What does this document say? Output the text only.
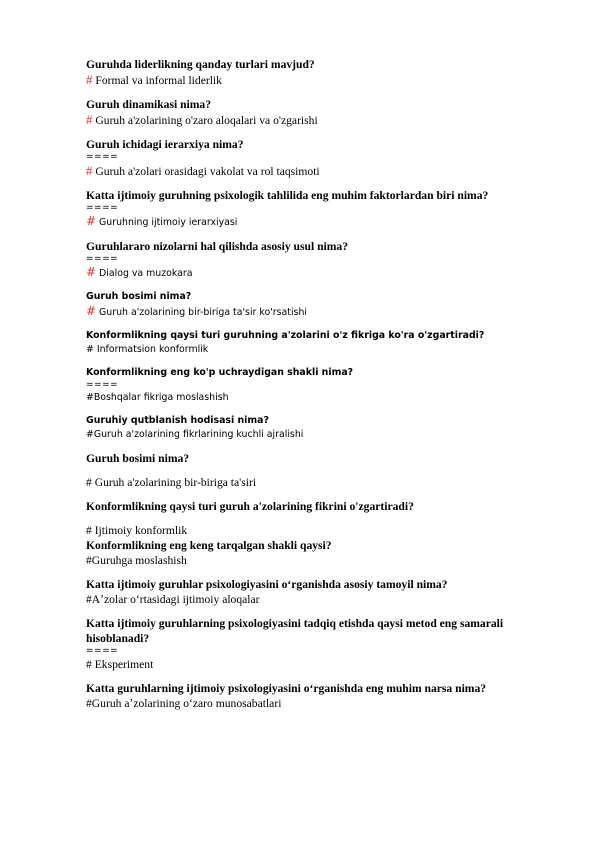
Guruhda liderlikning qanday turlari mavjud?

# Formal va informal liderlik

Guruh dinamikasi nima?

# Guruh a'zolarining o'zaro aloqalari va o'zgarishi

Guruh ichidagi ierarxiya nima?

====

# Guruh a'zolari orasidagi vakolat va rol taqsimoti

Katta ijtimoiy guruhning psixologik tahlilida eng muhim faktorlardan biri nima?

====

# Guruhning ijtimoiy ierarxiyasi

Guruhlararo nizolarni hal qilishda asosiy usul nima?

====

# Dialog va muzokara

Guruh bosimi nima?

# Guruh a'zolarining bir-biriga ta'sir ko'rsatishi

Konformlikning qaysi turi guruhning a'zolarini o'z fikriga ko'ra o'zgartiradi?

# Informatsion konformlik

Konformlikning eng ko'p uchraydigan shakli nima?

====

#Boshqalar fikriga moslashish

Guruhiy qutblanish hodisasi nima?

#Guruh a'zolarining fikrlarining kuchli ajralishi

Guruh bosimi nima?

# Guruh a'zolarining bir-biriga ta'siri

Konformlikning qaysi turi guruh a'zolarining fikrini o'zgartiradi?

# Ijtimoiy konformlik

Konformlikning eng keng tarqalgan shakli qaysi?

#Guruhga moslashish

Katta ijtimoiy guruhlar psixologiyasini oʻrganishda asosiy tamoyil nima?

#Aʼzolar oʻrtasidagi ijtimoiy aloqalar

Katta ijtimoiy guruhlarning psixologiyasini tadqiq etishda qaysi metod eng samarali hisoblanadi?

====

# Eksperiment

Katta guruhlarning ijtimoiy psixologiyasini oʻrganishda eng muhim narsa nima?

#Guruh aʼzolarining oʻzaro munosabatlari
